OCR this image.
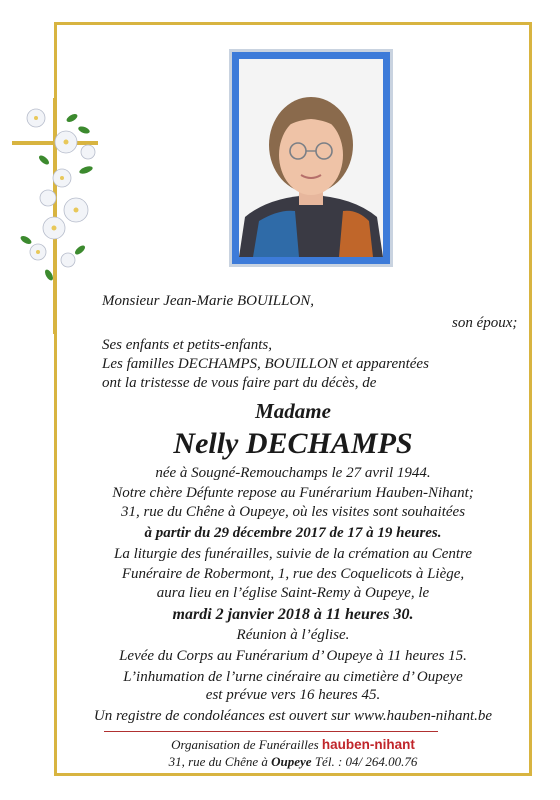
Monsieur Jean-Marie BOUILLON,
son époux;
Ses enfants et petits-enfants,
Les familles DECHAMPS, BOUILLON et apparentées
ont la tristesse de vous faire part du décès, de
Madame
Nelly DECHAMPS
née à Sougné-Remouchamps le 27 avril 1944.
Notre chère Défunte repose au Funérarium Hauben-Nihant;
31, rue du Chêne à Oupeye, où les visites sont souhaitées
à partir du 29 décembre 2017 de 17 à 19 heures.
La liturgie des funérailles, suivie de la crémation au Centre
Funéraire de Robermont, 1, rue des Coquelicots à Liège,
aura lieu en l’église Saint-Remy à Oupeye, le
mardi 2 janvier 2018 à 11 heures 30.
Réunion à l’église.
Levée du Corps au Funérarium d’ Oupeye à 11 heures 15.
L’inhumation de l’urne cinéraire au cimetière d’ Oupeye
est prévue vers 16 heures 45.
Un registre de condoléances est ouvert sur www.hauben-nihant.be
Organisation de Funérailles hauben-nihant
31, rue du Chêne à Oupeye Tél. : 04/ 264.00.76
